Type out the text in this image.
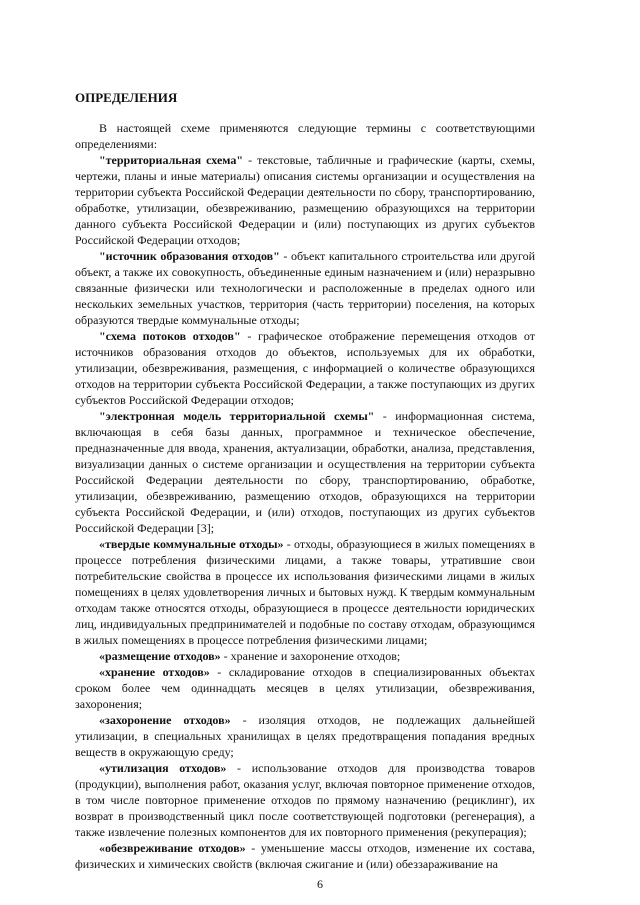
ОПРЕДЕЛЕНИЯ

В настоящей схеме применяются следующие термины с соответствующими определениями:

"территориальная схема" - текстовые, табличные и графические (карты, схемы, чертежи, планы и иные материалы) описания системы организации и осуществления на территории субъекта Российской Федерации деятельности по сбору, транспортированию, обработке, утилизации, обезвреживанию, размещению образующихся на территории данного субъекта Российской Федерации и (или) поступающих из других субъектов Российской Федерации отходов;

"источник образования отходов" - объект капитального строительства или другой объект, а также их совокупность, объединенные единым назначением и (или) неразрывно связанные физически или технологически и расположенные в пределах одного или нескольких земельных участков, территория (часть территории) поселения, на которых образуются твердые коммунальные отходы;

"схема потоков отходов" - графическое отображение перемещения отходов от источников образования отходов до объектов, используемых для их обработки, утилизации, обезвреживания, размещения, с информацией о количестве образующихся отходов на территории субъекта Российской Федерации, а также поступающих из других субъектов Российской Федерации отходов;

"электронная модель территориальной схемы" - информационная система, включающая в себя базы данных, программное и техническое обеспечение, предназначенные для ввода, хранения, актуализации, обработки, анализа, представления, визуализации данных о системе организации и осуществления на территории субъекта Российской Федерации деятельности по сбору, транспортированию, обработке, утилизации, обезвреживанию, размещению отходов, образующихся на территории субъекта Российской Федерации, и (или) отходов, поступающих из других субъектов Российской Федерации [3];

«твердые коммунальные отходы» - отходы, образующиеся в жилых помещениях в процессе потребления физическими лицами, а также товары, утратившие свои потребительские свойства в процессе их использования физическими лицами в жилых помещениях в целях удовлетворения личных и бытовых нужд. К твердым коммунальным отходам также относятся отходы, образующиеся в процессе деятельности юридических лиц, индивидуальных предпринимателей и подобные по составу отходам, образующимся в жилых помещениях в процессе потребления физическими лицами;

«размещение отходов» - хранение и захоронение отходов;

«хранение отходов» - складирование отходов в специализированных объектах сроком более чем одиннадцать месяцев в целях утилизации, обезвреживания, захоронения;

«захоронение отходов» - изоляция отходов, не подлежащих дальнейшей утилизации, в специальных хранилищах в целях предотвращения попадания вредных веществ в окружающую среду;

«утилизация отходов» - использование отходов для производства товаров (продукции), выполнения работ, оказания услуг, включая повторное применение отходов, в том числе повторное применение отходов по прямому назначению (рециклинг), их возврат в производственный цикл после соответствующей подготовки (регенерация), а также извлечение полезных компонентов для их повторного применения (рекуперация);

«обезвреживание отходов» - уменьшение массы отходов, изменение их состава, физических и химических свойств (включая сжигание и (или) обеззараживание на

6
